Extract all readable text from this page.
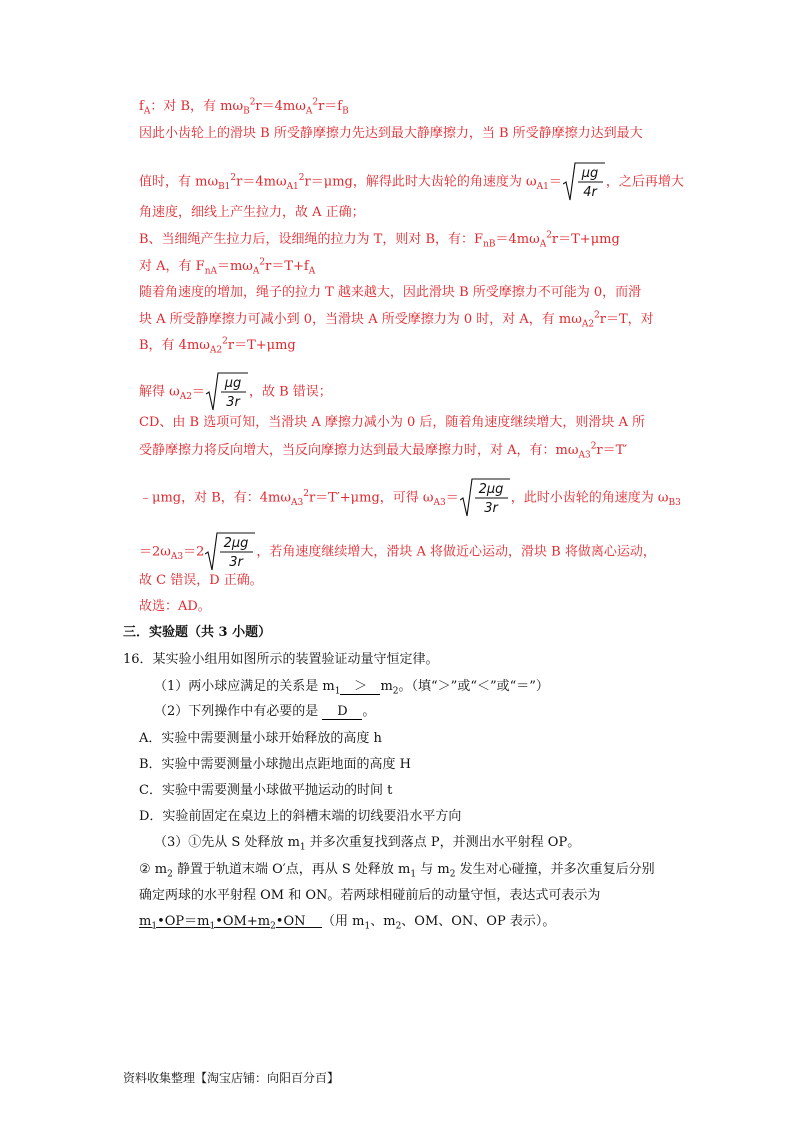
$f_A$：对 B，有 $m\omega_B^2r=4m\omega_A^2r=f_B$
因此小齿轮上的滑块 B 所受静摩擦力先达到最大静摩擦力，当 B 所受静摩擦力达到最大
值时，有 $m\omega_{B1}^2r=4m\omega_{A1}^2r=\mu mg$，解得此时大齿轮的角速度为 $\omega_{A1}=$
μg
4r
，之后再增大
角速度，细线上产生拉力，故 A 正确；
B、当细绳产生拉力后，设细绳的拉力为 T，则对 B，有：$F_{nB}=4m\omega_A^2r=T+\mu mg$
对 A，有 $F_{nA}=m\omega_A^2r=T+f_A$
随着角速度的增加，绳子的拉力 T 越来越大，因此滑块 B 所受摩擦力不可能为 0，而滑
块 A 所受静摩擦力可减小到 0，当滑块 A 所受摩擦力为 0 时，对 A，有 $m\omega_{A2}^2r=T$，对
B，有 $4m\omega_{A2}^2r=T+\mu mg$
解得 $\omega_{A2}=$
μg
3r
，故 B 错误；
CD、由 B 选项可知，当滑块 A 摩擦力减小为 0 后，随着角速度继续增大，则滑块 A 所
受静摩擦力将反向增大，当反向摩擦力达到最大最摩擦力时，对 A，有：$m\omega_{A3}^2r=T'$
﹣μmg，对 B，有：$4m\omega_{A3}^2r=T'+\mu mg$，可得 $\omega_{A3}=$
2μg
3r
，此时小齿轮的角速度为 $\omega_{B3}$
$=2\omega_{A3}=2$
2μg
3r
，若角速度继续增大，滑块 A 将做近心运动，滑块 B 将做离心运动，
故 C 错误，D 正确。
故选：AD。
三．实验题（共 3 小题）
16．某实验小组用如图所示的装置验证动量守恒定律。
（1）两小球应满足的关系是 $m_1 > m_2$。（填“＞”或“＜”或“＝”）
（2）下列操作中有必要的是 D 。
A．实验中需要测量小球开始释放的高度 h
B．实验中需要测量小球抛出点距地面的高度 H
C．实验中需要测量小球做平抛运动的时间 t
D．实验前固定在桌边上的斜槽末端的切线要沿水平方向
（3）①先从 S 处释放 $m_1$ 并多次重复找到落点 P，并测出水平射程 OP。
② $m_2$ 静置于轨道末端 O′点，再从 S 处释放 $m_1$ 与 $m_2$ 发生对心碰撞，并多次重复后分别
确定两球的水平射程 OM 和 ON。若两球相碰前后的动量守恒，表达式可表示为
$m_1•OP=m_1•OM+m_2•ON$ （用 $m_1$、$m_2$、OM、ON、OP 表示）。
资料收集整理【淘宝店铺：向阳百分百】
